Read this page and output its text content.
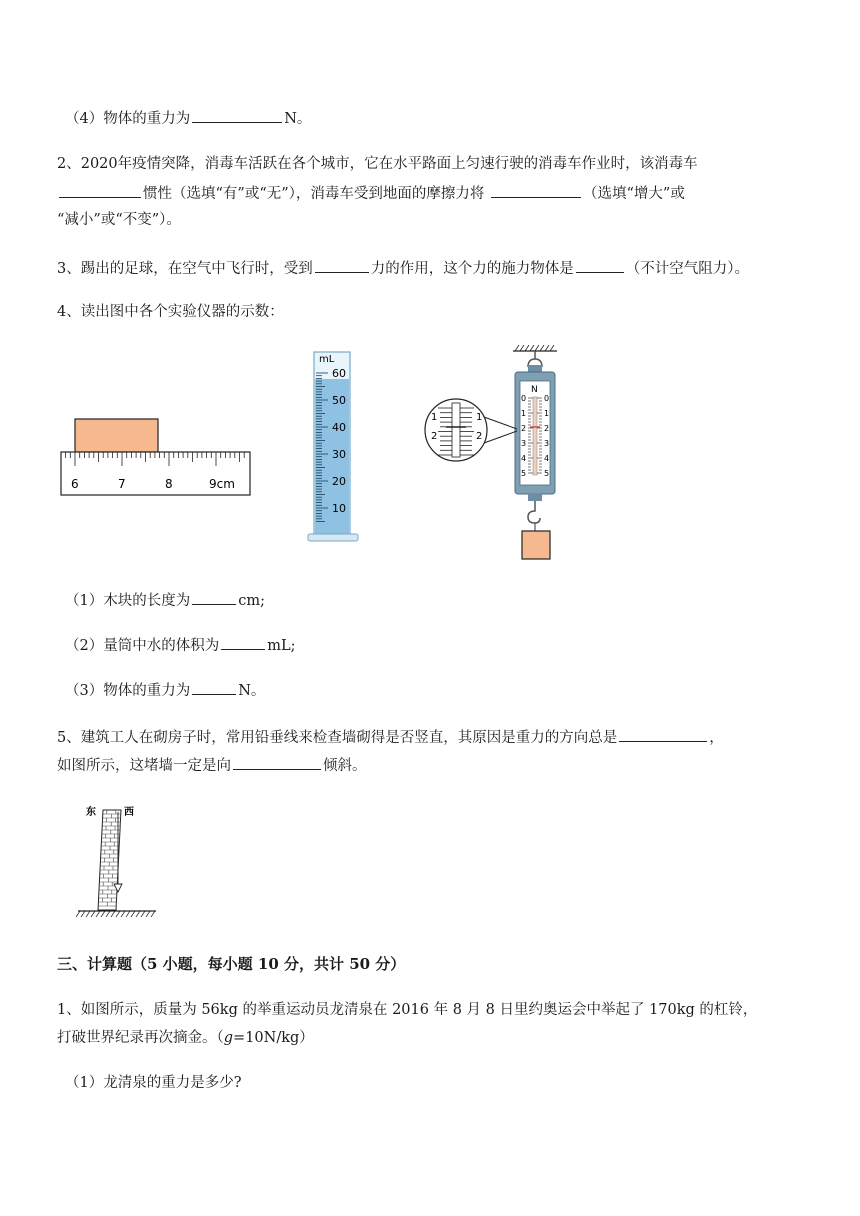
（4）物体的重力为	N。
2、2020年疫情突降，消毒车活跃在各个城市，它在水平路面上匀速行驶的消毒车作业时，该消毒车
惯性（选填“有”或“无”），消毒车受到地面的摩擦力将	（选填“增大”或
“减小”或“不变”）。
3、踢出的足球，在空气中飞行时，受到	力的作用，这个力的施力物体是	（不计空气阻力）。
4、读出图中各个实验仪器的示数：
6	7	8	9cm
mL
60
50
40
30
20
10
N
0
1
2
3
4
5
0
1
2
3
4
5
1
2
1
2
（1）木块的长度为	cm;
（2）量筒中水的体积为	mL;
（3）物体的重力为	N。
5、建筑工人在砌房子时，常用铅垂线来检查墙砌得是否竖直，其原因是重力的方向总是	，
如图所示，这堵墙一定是向	倾斜。
东	西
三、计算题（5 小题，每小题 10 分，共计 50 分）
1、如图所示，质量为 56kg 的举重运动员龙清泉在 2016 年 8 月 8 日里约奥运会中举起了 170kg 的杠铃，
打破世界纪录再次摘金。（g=10N/kg）
（1）龙清泉的重力是多少?
